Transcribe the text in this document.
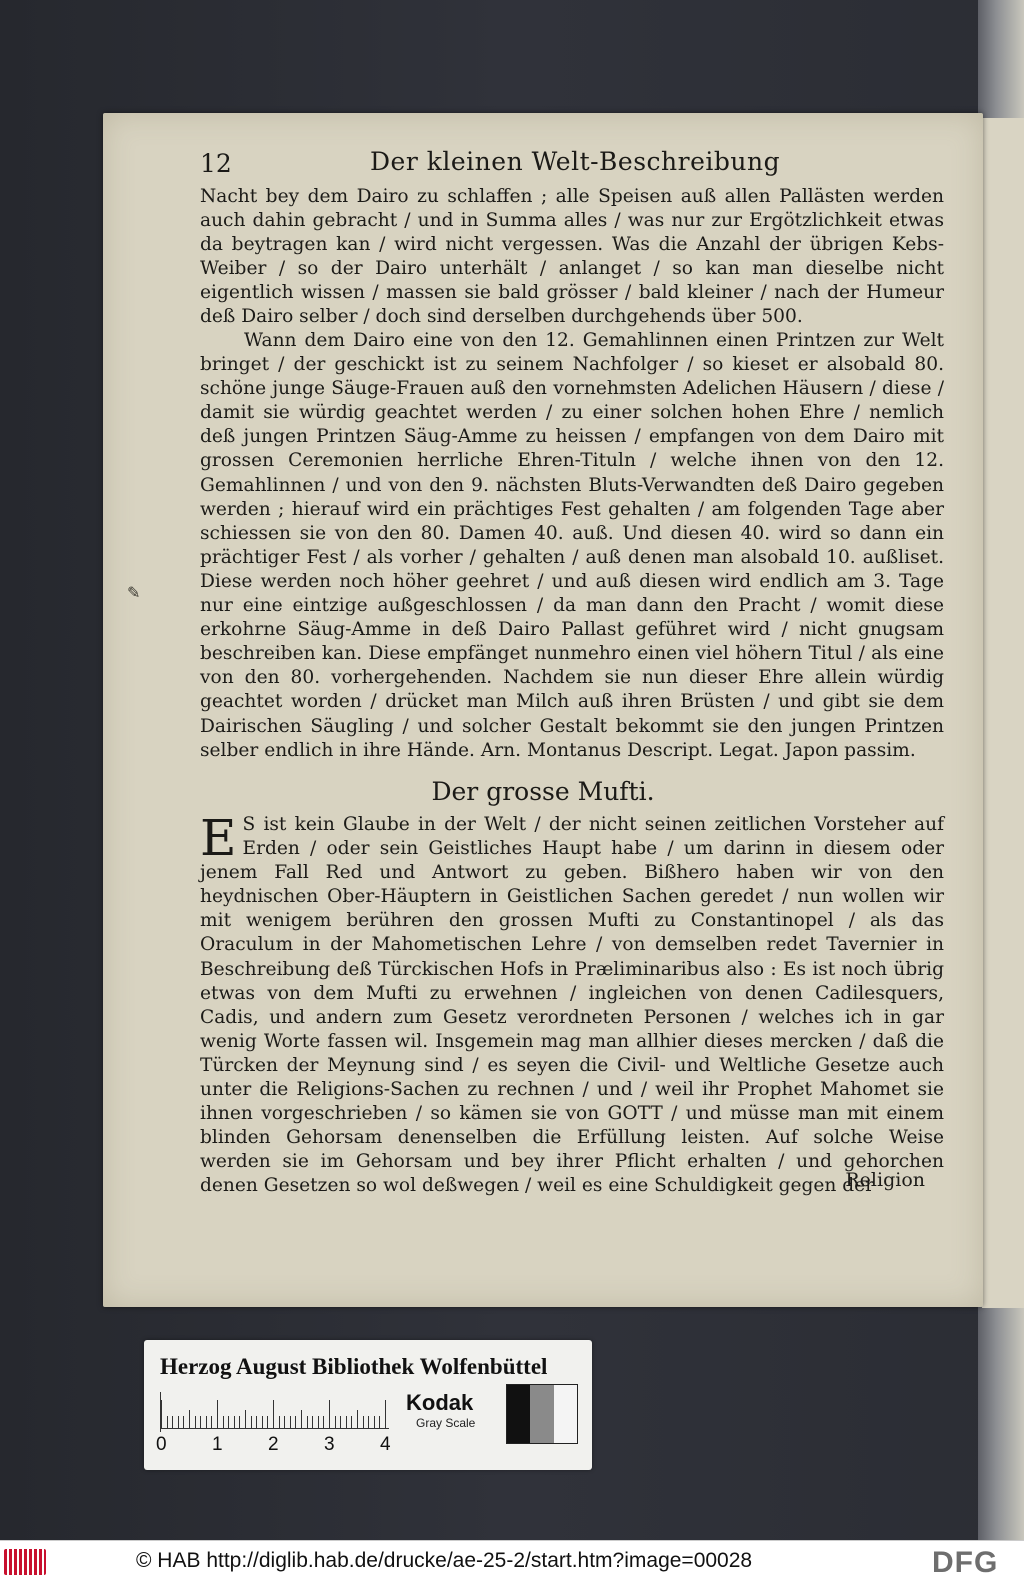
12	Der kleinen Welt-Beschreibung
Nacht bey dem Dairo zu schlaffen ; alle Speisen auß allen Pallästen werden auch dahin gebracht / und in Summa alles / was nur zur Ergötzlichkeit etwas da beytragen kan / wird nicht vergessen. Was die Anzahl der übrigen Kebs-Weiber / so der Dairo unterhält / anlanget / so kan man dieselbe nicht eigentlich wissen / massen sie bald grösser / bald kleiner / nach der Humeur deß Dairo selber / doch sind derselben durchgehends über 500.
Wann dem Dairo eine von den 12. Gemahlinnen einen Printzen zur Welt bringet / der geschickt ist zu seinem Nachfolger / so kieset er alsobald 80. schöne junge Säuge-Frauen auß den vornehmsten Adelichen Häusern / diese / damit sie würdig geachtet werden / zu einer solchen hohen Ehre / nemlich deß jungen Printzen Säug-Amme zu heissen / empfangen von dem Dairo mit grossen Ceremonien herrliche Ehren-Tituln / welche ihnen von den 12. Gemahlinnen / und von den 9. nächsten Bluts-Verwandten deß Dairo gegeben werden ; hierauf wird ein prächtiges Fest gehalten / am folgenden Tage aber schiessen sie von den 80. Damen 40. auß. Und diesen 40. wird so dann ein prächtiger Fest / als vorher / gehalten / auß denen man alsobald 10. außliset. Diese werden noch höher geehret / und auß diesen wird endlich am 3. Tage nur eine eintzige außgeschlossen / da man dann den Pracht / womit diese erkohrne Säug-Amme in deß Dairo Pallast geführet wird / nicht gnugsam beschreiben kan. Diese empfänget nunmehro einen viel höhern Titul / als eine von den 80. vorhergehenden. Nachdem sie nun dieser Ehre allein würdig geachtet worden / drücket man Milch auß ihren Brüsten / und gibt sie dem Dairischen Säugling / und solcher Gestalt bekommt sie den jungen Printzen selber endlich in ihre Hände. Arn. Montanus Descript. Legat. Japon passim.
✎
Der grosse Mufti.
E S ist kein Glaube in der Welt / der nicht seinen zeitlichen Vorsteher auf Erden / oder sein Geistliches Haupt habe / um darinn in diesem oder jenem Fall Red und Antwort zu geben. Bißhero haben wir von den heydnischen Ober-Häuptern in Geistlichen Sachen geredet / nun wollen wir mit wenigem berühren den grossen Mufti zu Constantinopel / als das Oraculum in der Mahometischen Lehre / von demselben redet Tavernier in Beschreibung deß Türckischen Hofs in Præliminaribus also : Es ist noch übrig etwas von dem Mufti zu erwehnen / ingleichen von denen Cadilesquers, Cadis, und andern zum Gesetz verordneten Personen / welches ich in gar wenig Worte fassen wil. Insgemein mag man allhier dieses mercken / daß die Türcken der Meynung sind / es seyen die Civil- und Weltliche Gesetze auch unter die Religions-Sachen zu rechnen / und / weil ihr Prophet Mahomet sie ihnen vorgeschrieben / so kämen sie von GOTT / und müsse man mit einem blinden Gehorsam denenselben die Erfüllung leisten. Auf solche Weise werden sie im Gehorsam und bey ihrer Pflicht erhalten / und gehorchen denen Gesetzen so wol deßwegen / weil es eine Schuldigkeit gegen der
Religion
Herzog August Bibliothek Wolfenbüttel
0 1 2 3 4
Kodak
Gray Scale
© HAB http://diglib.hab.de/drucke/ae-25-2/start.htm?image=00028	DFG
